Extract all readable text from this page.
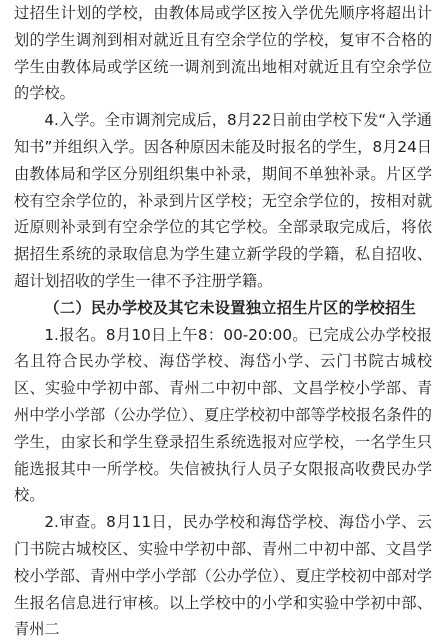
过招生计划的学校，由教体局或学区按入学优先顺序将超出计划的学生调剂到相对就近且有空余学位的学校，复审不合格的学生由教体局或学区统一调剂到流出地相对就近且有空余学位的学校。

4.入学。全市调剂完成后，8月22日前由学校下发“入学通知书”并组织入学。因各种原因未能及时报名的学生，8月24日由教体局和学区分别组织集中补录，期间不单独补录。片区学校有空余学位的，补录到片区学校；无空余学位的，按相对就近原则补录到有空余学位的其它学校。全部录取完成后，将依据招生系统的录取信息为学生建立新学段的学籍，私自招收、超计划招收的学生一律不予注册学籍。

（二）民办学校及其它未设置独立招生片区的学校招生

1.报名。8月10日上午8：00-20:00。已完成公办学校报名且符合民办学校、海岱学校、海岱小学、云门书院古城校区、实验中学初中部、青州二中初中部、文昌学校小学部、青州中学小学部（公办学位）、夏庄学校初中部等学校报名条件的学生，由家长和学生登录招生系统选报对应学校，一名学生只能选报其中一所学校。失信被执行人员子女限报高收费民办学校。

2.审查。8月11日，民办学校和海岱学校、海岱小学、云门书院古城校区、实验中学初中部、青州二中初中部、文昌学校小学部、青州中学小学部（公办学位）、夏庄学校初中部对学生报名信息进行审核。以上学校中的小学和实验中学初中部、青州二
